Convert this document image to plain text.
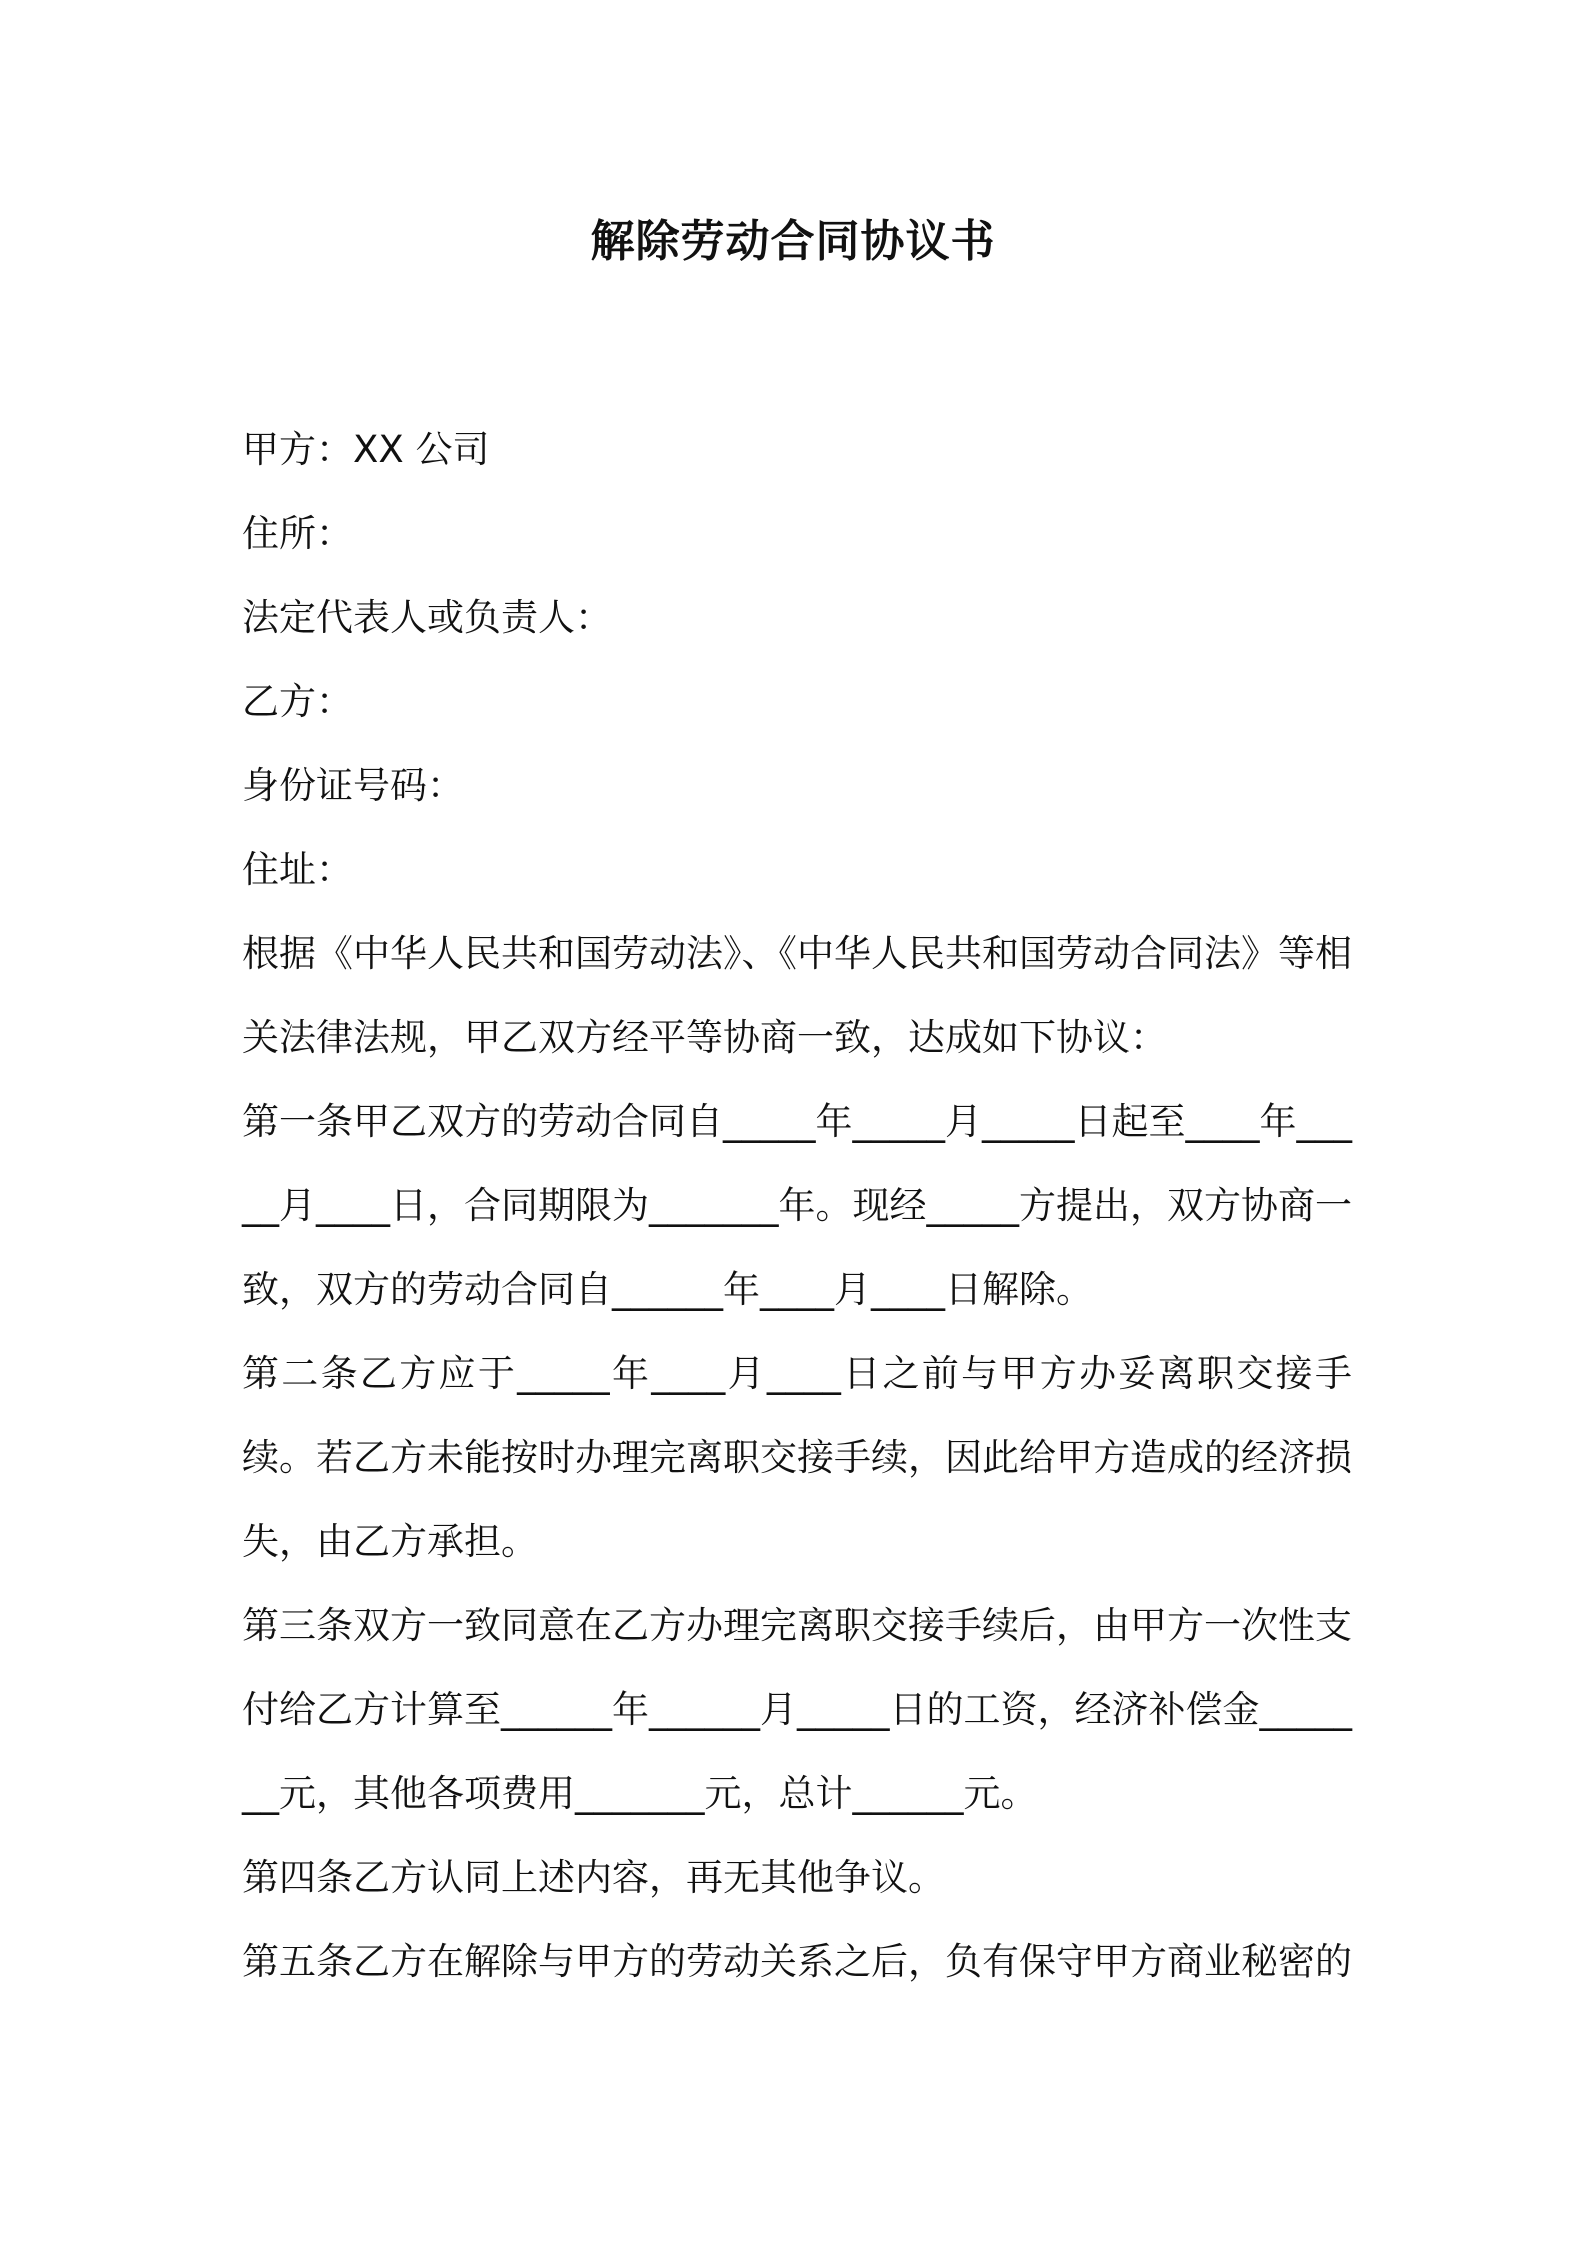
解除劳动合同协议书
甲方：XX 公司
住所：
法定代表人或负责人：
乙方：
身份证号码：
住址：
根据《中华人民共和国劳动法》、《中华人民共和国劳动合同法》等相关法律法规，甲乙双方经平等协商一致，达成如下协议：
第一条甲乙双方的劳动合同自_____年_____月_____日起至____年_____月____日，合同期限为_______年。现经_____方提出，双方协商一致，双方的劳动合同自______年____月____日解除。
第二条乙方应于_____年____月____日之前与甲方办妥离职交接手续。若乙方未能按时办理完离职交接手续，因此给甲方造成的经济损失，由乙方承担。
第三条双方一致同意在乙方办理完离职交接手续后，由甲方一次性支付给乙方计算至______年______月_____日的工资，经济补偿金_______元，其他各项费用_______元，总计______元。
第四条乙方认同上述内容，再无其他争议。
第五条乙方在解除与甲方的劳动关系之后，负有保守甲方商业秘密的
